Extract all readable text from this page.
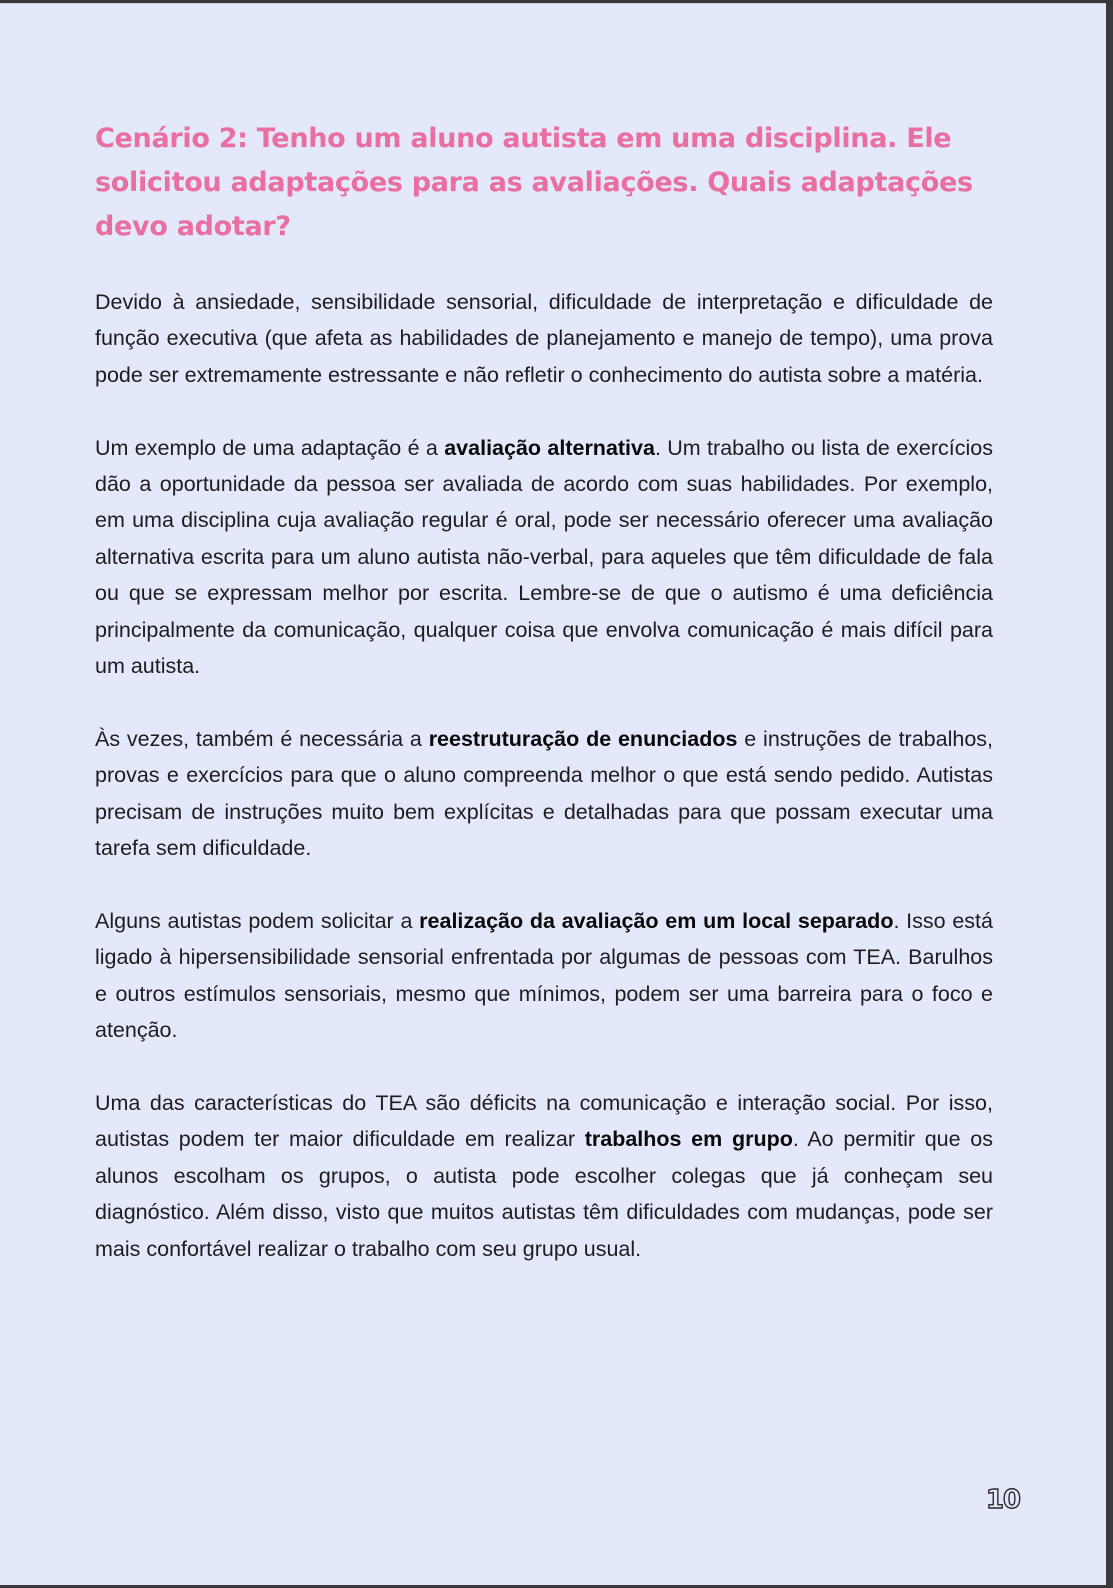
Cenário 2: Tenho um aluno autista em uma disciplina. Ele solicitou adaptações para as avaliações. Quais adaptações devo adotar?

Devido à ansiedade, sensibilidade sensorial, dificuldade de interpretação e dificuldade de função executiva (que afeta as habilidades de planejamento e manejo de tempo), uma prova pode ser extremamente estressante e não refletir o conhecimento do autista sobre a matéria.

Um exemplo de uma adaptação é a avaliação alternativa. Um trabalho ou lista de exercícios dão a oportunidade da pessoa ser avaliada de acordo com suas habilidades. Por exemplo, em uma disciplina cuja avaliação regular é oral, pode ser necessário oferecer uma avaliação alternativa escrita para um aluno autista não-verbal, para aqueles que têm dificuldade de fala ou que se expressam melhor por escrita. Lembre-se de que o autismo é uma deficiência principalmente da comunicação, qualquer coisa que envolva comunicação é mais difícil para um autista.

Às vezes, também é necessária a reestruturação de enunciados e instruções de trabalhos, provas e exercícios para que o aluno compreenda melhor o que está sendo pedido. Autistas precisam de instruções muito bem explícitas e detalhadas para que possam executar uma tarefa sem dificuldade.

Alguns autistas podem solicitar a realização da avaliação em um local separado. Isso está ligado à hipersensibilidade sensorial enfrentada por algumas de pessoas com TEA. Barulhos e outros estímulos sensoriais, mesmo que mínimos, podem ser uma barreira para o foco e atenção.

Uma das características do TEA são déficits na comunicação e interação social. Por isso, autistas podem ter maior dificuldade em realizar trabalhos em grupo. Ao permitir que os alunos escolham os grupos, o autista pode escolher colegas que já conheçam seu diagnóstico. Além disso, visto que muitos autistas têm dificuldades com mudanças, pode ser mais confortável realizar o trabalho com seu grupo usual.

10
